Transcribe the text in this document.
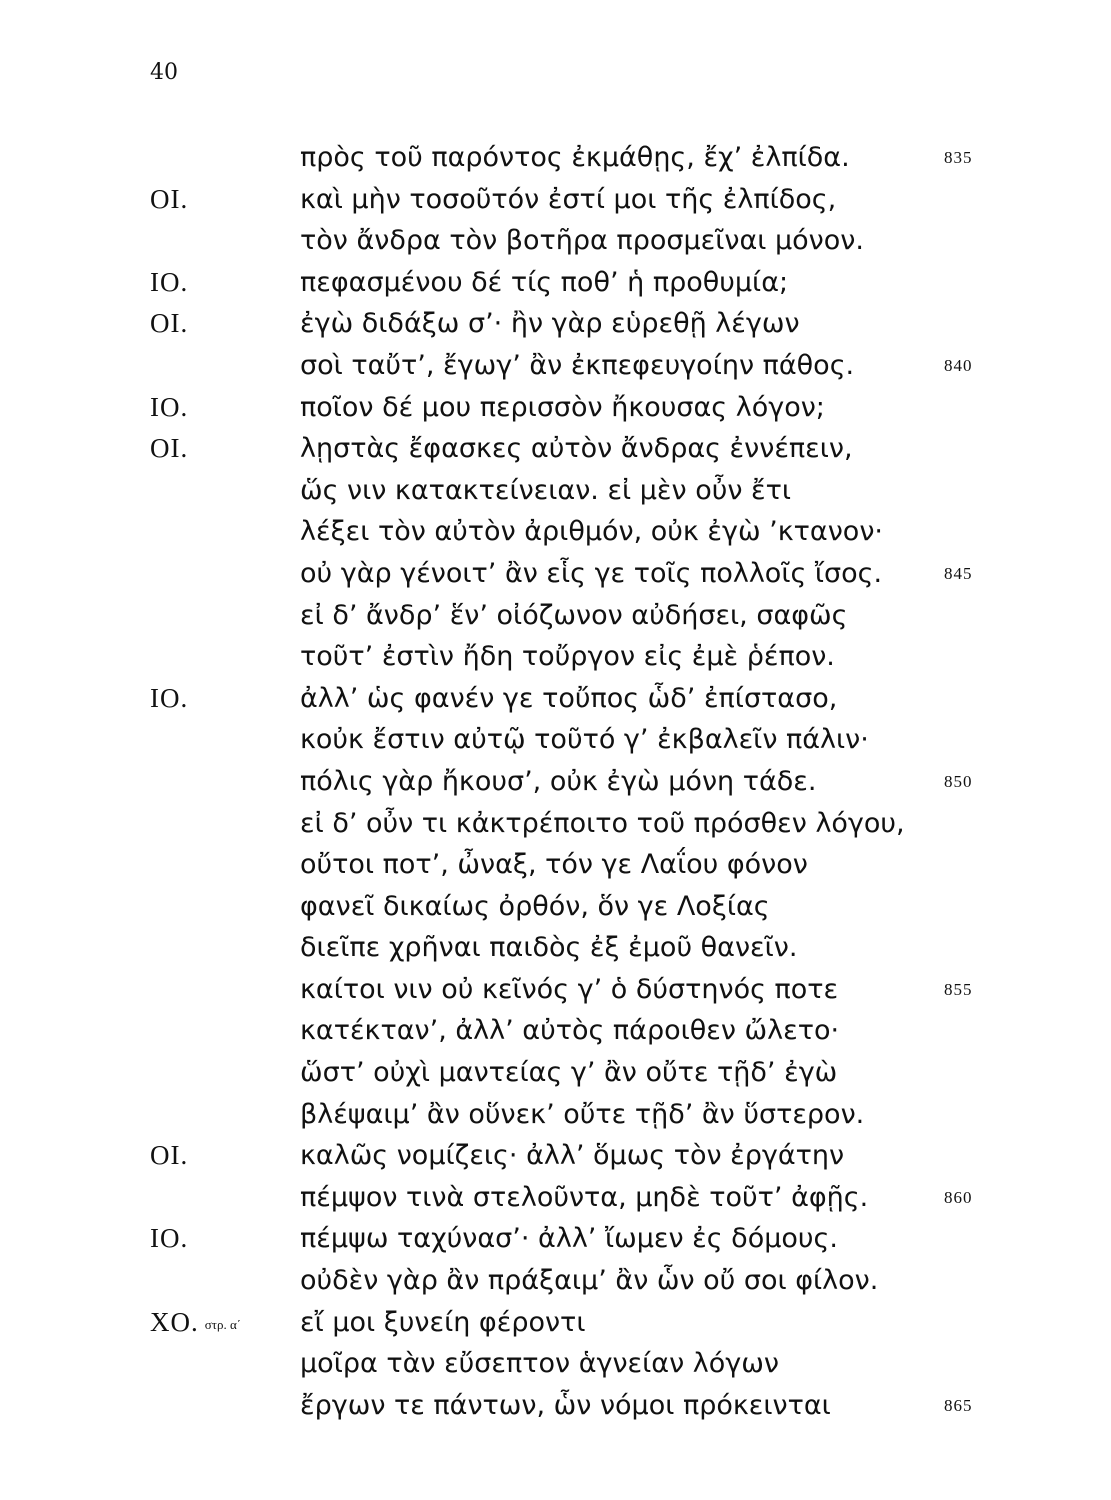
40
πρὸς τοῦ παρόντος ἐκμάθῃς, ἔχ’ ἐλπίδα.	835
ΟΙ.	καὶ μὴν τοσοῦτόν ἐστί μοι τῆς ἐλπίδος,
τὸν ἄνδρα τὸν βοτῆρα προσμεῖναι μόνον.
ΙΟ.	πεφασμένου δέ τίς ποθ’ ἡ προθυμία;
ΟΙ.	ἐγὼ διδάξω σ’· ἢν γὰρ εὑρεθῇ λέγων
σοὶ ταὔτ’, ἔγωγ’ ἂν ἐκπεφευγοίην πάθος.	840
ΙΟ.	ποῖον δέ μου περισσὸν ἤκουσας λόγον;
ΟΙ.	λῃστὰς ἔφασκες αὐτὸν ἄνδρας ἐννέπειν,
ὥς νιν κατακτείνειαν. εἰ μὲν οὖν ἔτι
λέξει τὸν αὐτὸν ἀριθμόν, οὐκ ἐγὼ ’κτανον·
οὐ γὰρ γένοιτ’ ἂν εἷς γε τοῖς πολλοῖς ἴσος.	845
εἰ δ’ ἄνδρ’ ἕν’ οἰόζωνον αὐδήσει, σαφῶς
τοῦτ’ ἐστὶν ἤδη τοὔργον εἰς ἐμὲ ῥέπον.
ΙΟ.	ἀλλ’ ὡς φανέν γε τοὔπος ὧδ’ ἐπίστασο,
κοὐκ ἔστιν αὐτῷ τοῦτό γ’ ἐκβαλεῖν πάλιν·
πόλις γὰρ ἤκουσ’, οὐκ ἐγὼ μόνη τάδε.	850
εἰ δ’ οὖν τι κἀκτρέποιτο τοῦ πρόσθεν λόγου,
οὔτοι ποτ’, ὦναξ, τόν γε Λαΐου φόνον
φανεῖ δικαίως ὀρθόν, ὅν γε Λοξίας
διεῖπε χρῆναι παιδὸς ἐξ ἐμοῦ θανεῖν.
καίτοι νιν οὐ κεῖνός γ’ ὁ δύστηνός ποτε	855
κατέκταν’, ἀλλ’ αὐτὸς πάροιθεν ὤλετο·
ὥστ’ οὐχὶ μαντείας γ’ ἂν οὔτε τῇδ’ ἐγὼ
βλέψαιμ’ ἂν οὕνεκ’ οὔτε τῇδ’ ἂν ὕστερον.
ΟΙ.	καλῶς νομίζεις· ἀλλ’ ὅμως τὸν ἐργάτην
πέμψον τινὰ στελοῦντα, μηδὲ τοῦτ’ ἀφῇς.	860
ΙΟ.	πέμψω ταχύνασ’· ἀλλ’ ἴωμεν ἐς δόμους.
οὐδὲν γὰρ ἂν πράξαιμ’ ἂν ὧν οὔ σοι φίλον.
ΧΟ. στρ. α΄ εἴ μοι ξυνείη φέροντι
μοῖρα τὰν εὔσεπτον ἁγνείαν λόγων
ἔργων τε πάντων, ὧν νόμοι πρόκεινται	865
